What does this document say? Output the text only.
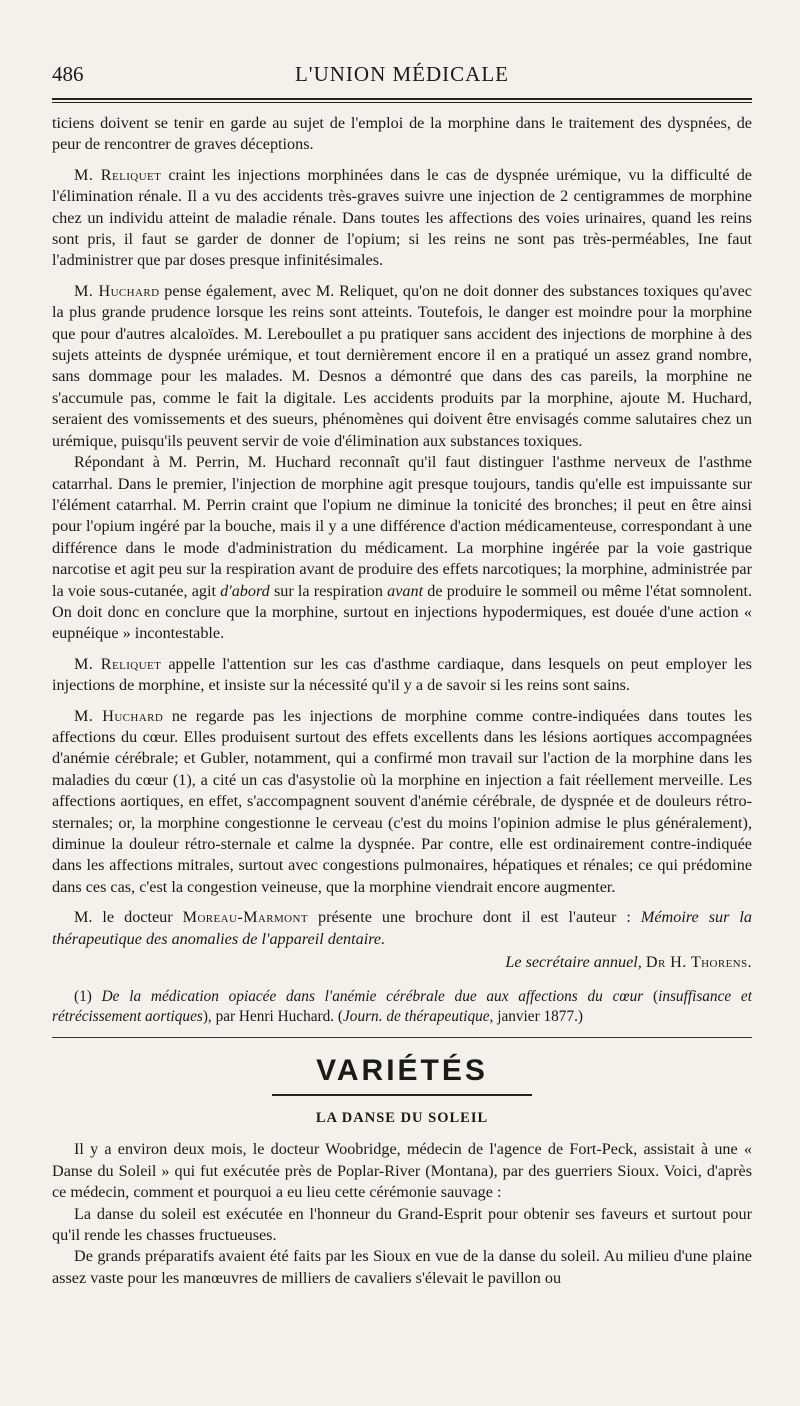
486	L'UNION MÉDICALE

ticiens doivent se tenir en garde au sujet de l'emploi de la morphine dans le traitement des dyspnées, de peur de rencontrer de graves déceptions.

M. Reliquet craint les injections morphinées dans le cas de dyspnée urémique, vu la difficulté de l'élimination rénale. Il a vu des accidents très-graves suivre une injection de 2 centigrammes de morphine chez un individu atteint de maladie rénale. Dans toutes les affections des voies urinaires, quand les reins sont pris, il faut se garder de donner de l'opium; si les reins ne sont pas très-perméables, Ine faut l'administrer que par doses presque infinitésimales.

M. Huchard pense également, avec M. Reliquet, qu'on ne doit donner des substances toxiques qu'avec la plus grande prudence lorsque les reins sont atteints. Toutefois, le danger est moindre pour la morphine que pour d'autres alcaloïdes. M. Lereboullet a pu pratiquer sans accident des injections de morphine à des sujets atteints de dyspnée urémique, et tout dernièrement encore il en a pratiqué un assez grand nombre, sans dommage pour les malades. M. Desnos a démontré que dans des cas pareils, la morphine ne s'accumule pas, comme le fait la digitale. Les accidents produits par la morphine, ajoute M. Huchard, seraient des vomissements et des sueurs, phénomènes qui doivent être envisagés comme salutaires chez un urémique, puisqu'ils peuvent servir de voie d'élimination aux substances toxiques.

Répondant à M. Perrin, M. Huchard reconnaît qu'il faut distinguer l'asthme nerveux de l'asthme catarrhal. Dans le premier, l'injection de morphine agit presque toujours, tandis qu'elle est impuissante sur l'élément catarrhal. M. Perrin craint que l'opium ne diminue la tonicité des bronches; il peut en être ainsi pour l'opium ingéré par la bouche, mais il y a une différence d'action médicamenteuse, correspondant à une différence dans le mode d'administration du médicament. La morphine ingérée par la voie gastrique narcotise et agit peu sur la respiration avant de produire des effets narcotiques; la morphine, administrée par la voie sous-cutanée, agit d'abord sur la respiration avant de produire le sommeil ou même l'état somnolent. On doit donc en conclure que la morphine, surtout en injections hypodermiques, est douée d'une action « eupnéique » incontestable.

M. Reliquet appelle l'attention sur les cas d'asthme cardiaque, dans lesquels on peut employer les injections de morphine, et insiste sur la nécessité qu'il y a de savoir si les reins sont sains.

M. Huchard ne regarde pas les injections de morphine comme contre-indiquées dans toutes les affections du cœur. Elles produisent surtout des effets excellents dans les lésions aortiques accompagnées d'anémie cérébrale; et Gubler, notamment, qui a confirmé mon travail sur l'action de la morphine dans les maladies du cœur (1), a cité un cas d'asystolie où la morphine en injection a fait réellement merveille. Les affections aortiques, en effet, s'accompagnent souvent d'anémie cérébrale, de dyspnée et de douleurs rétro-sternales; or, la morphine congestionne le cerveau (c'est du moins l'opinion admise le plus généralement), diminue la douleur rétro-sternale et calme la dyspnée. Par contre, elle est ordinairement contre-indiquée dans les affections mitrales, surtout avec congestions pulmonaires, hépatiques et rénales; ce qui prédomine dans ces cas, c'est la congestion veineuse, que la morphine viendrait encore augmenter.

M. le docteur Moreau-Marmont présente une brochure dont il est l'auteur : Mémoire sur la thérapeutique des anomalies de l'appareil dentaire.

Le secrétaire annuel, Dr H. Thorens.

(1) De la médication opiacée dans l'anémie cérébrale due aux affections du cœur (insuffisance et rétrécissement aortiques), par Henri Huchard. (Journ. de thérapeutique, janvier 1877.)

VARIÉTÉS
LA DANSE DU SOLEIL

Il y a environ deux mois, le docteur Woobridge, médecin de l'agence de Fort-Peck, assistait à une « Danse du Soleil » qui fut exécutée près de Poplar-River (Montana), par des guerriers Sioux. Voici, d'après ce médecin, comment et pourquoi a eu lieu cette cérémonie sauvage :

La danse du soleil est exécutée en l'honneur du Grand-Esprit pour obtenir ses faveurs et surtout pour qu'il rende les chasses fructueuses.

De grands préparatifs avaient été faits par les Sioux en vue de la danse du soleil. Au milieu d'une plaine assez vaste pour les manœuvres de milliers de cavaliers s'élevait le pavillon ou
